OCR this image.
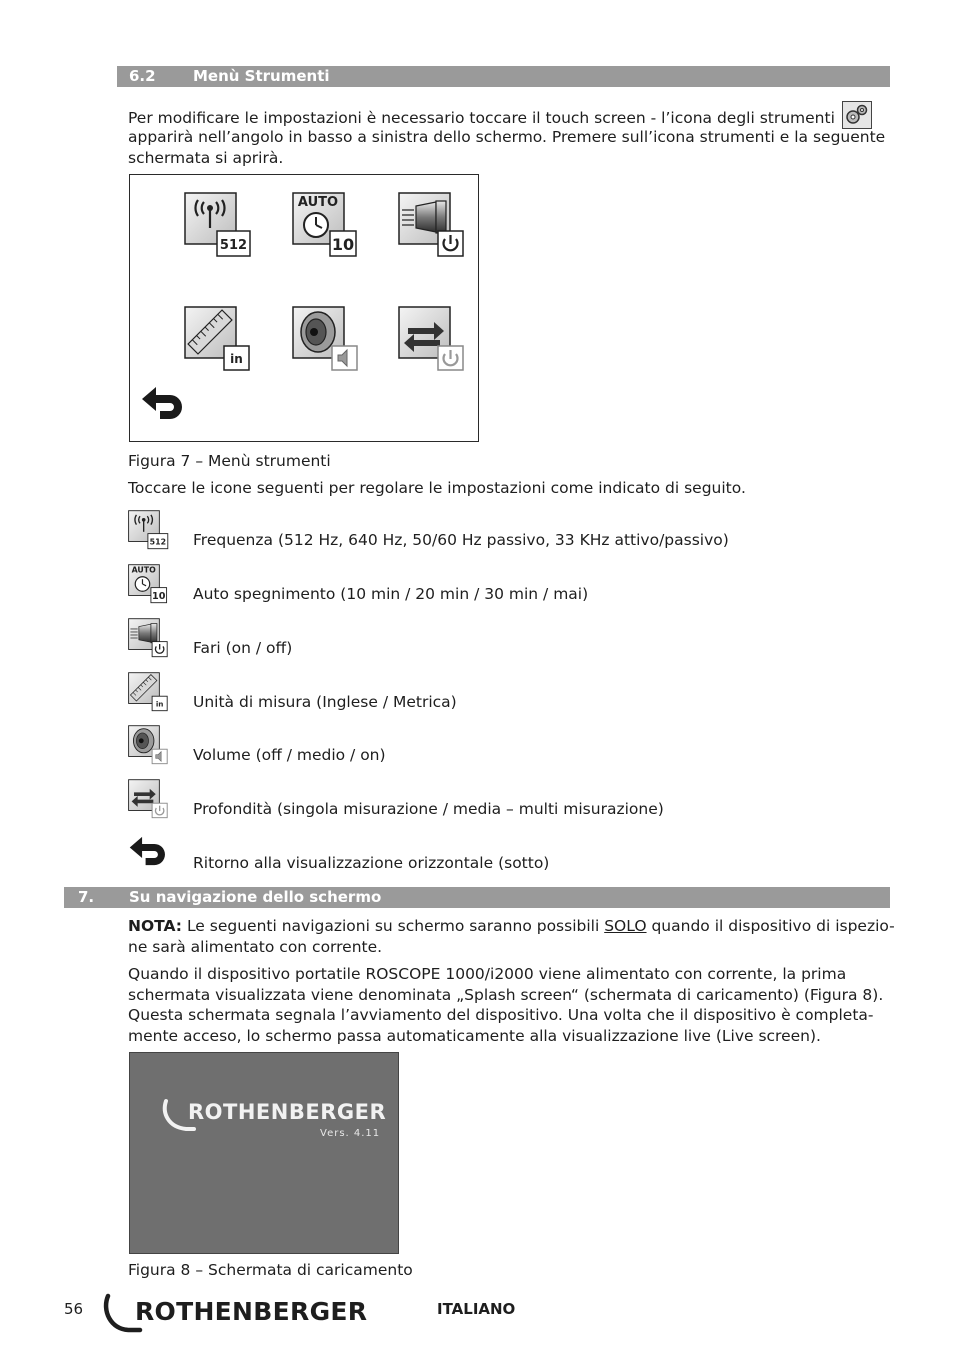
6.2 Menù Strumenti

Per modificare le impostazioni è necessario toccare il touch screen - l’icona degli strumenti

apparirà nell’angolo in basso a sinistra dello schermo. Premere sull’icona strumenti e la seguente

schermata si aprirà.

Figura 7 – Menù strumenti
Toccare le icone seguenti per regolare le impostazioni come indicato di seguito.
Frequenza (512 Hz, 640 Hz, 50/60 Hz passivo, 33 KHz attivo/passivo)
Auto spegnimento (10 min / 20 min / 30 min / mai)
Fari (on / off)
Unità di misura (Inglese / Metrica)
Volume (off / medio / on)
Profondità (singola misurazione / media – multi misurazione)
Ritorno alla visualizzazione orizzontale (sotto)
7. Su navigazione dello schermo

NOTA: Le seguenti navigazioni su schermo saranno possibili SOLO quando il dispositivo di ispezio-

ne sarà alimentato con corrente.

Quando il dispositivo portatile ROSCOPE 1000/i2000 viene alimentato con corrente, la prima

schermata visualizzata viene denominata „Splash screen“ (schermata di caricamento) (Figura 8).

Questa schermata segnala l’avviamento del dispositivo. Una volta che il dispositivo è completa-

mente acceso, lo schermo passa automaticamente alla visualizzazione live (Live screen).

ROTHENBERGER
Vers. 4.11
Figura 8 – Schermata di caricamento
56 ROTHENBERGER	ITALIANO
